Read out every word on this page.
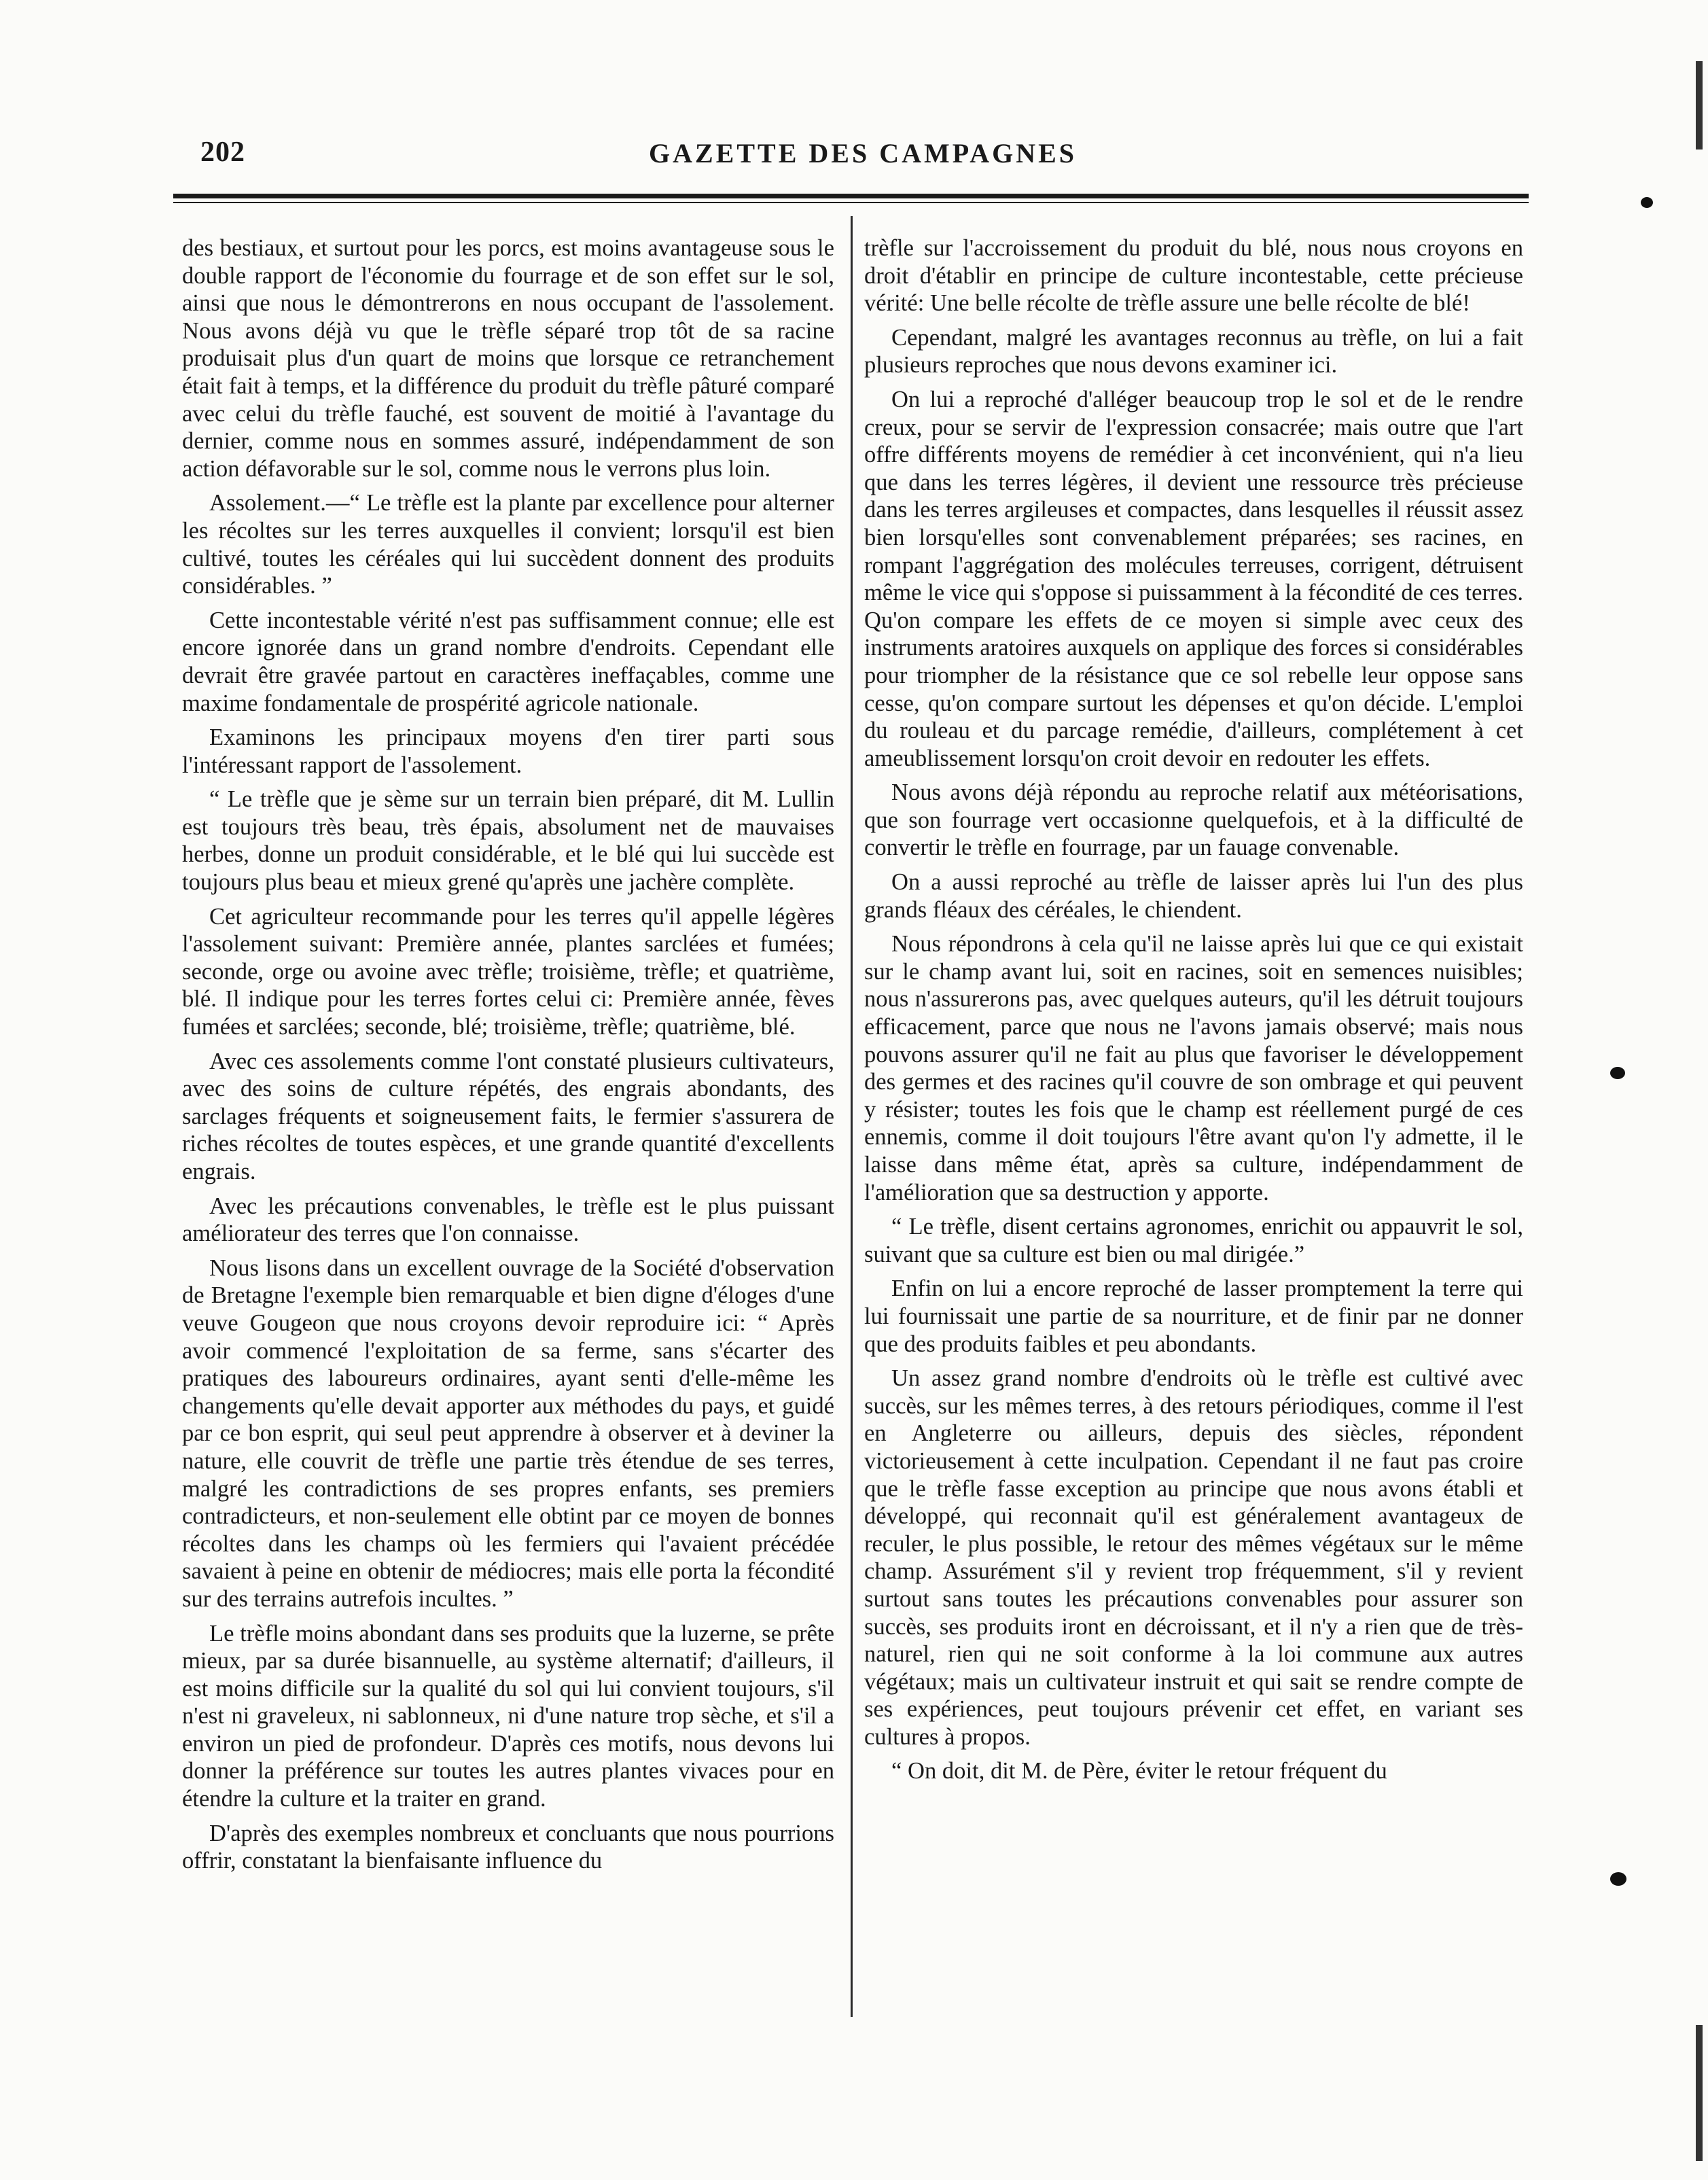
202	GAZETTE DES CAMPAGNES

des bestiaux, et surtout pour les porcs, est moins avantageuse sous le double rapport de l'économie du fourrage et de son effet sur le sol, ainsi que nous le démontrerons en nous occupant de l'assolement. Nous avons déjà vu que le trèfle séparé trop tôt de sa racine produisait plus d'un quart de moins que lorsque ce retranchement était fait à temps, et la différence du produit du trèfle pâturé comparé avec celui du trèfle fauché, est souvent de moitié à l'avantage du dernier, comme nous en sommes assuré, indépendamment de son action défavorable sur le sol, comme nous le verrons plus loin.

Assolement.—“ Le trèfle est la plante par excellence pour alterner les récoltes sur les terres auxquelles il convient; lorsqu'il est bien cultivé, toutes les céréales qui lui succèdent donnent des produits considérables. ”

Cette incontestable vérité n'est pas suffisamment connue; elle est encore ignorée dans un grand nombre d'endroits. Cependant elle devrait être gravée partout en caractères ineffaçables, comme une maxime fondamentale de prospérité agricole nationale.

Examinons les principaux moyens d'en tirer parti sous l'intéressant rapport de l'assolement.

“ Le trèfle que je sème sur un terrain bien préparé, dit M. Lullin est toujours très beau, très épais, absolument net de mauvaises herbes, donne un produit considérable, et le blé qui lui succède est toujours plus beau et mieux grené qu'après une jachère complète.

Cet agriculteur recommande pour les terres qu'il appelle légères l'assolement suivant: Première année, plantes sarclées et fumées; seconde, orge ou avoine avec trèfle; troisième, trèfle; et quatrième, blé. Il indique pour les terres fortes celui ci: Première année, fèves fumées et sarclées; seconde, blé; troisième, trèfle; quatrième, blé.

Avec ces assolements comme l'ont constaté plusieurs cultivateurs, avec des soins de culture répétés, des engrais abondants, des sarclages fréquents et soigneusement faits, le fermier s'assurera de riches récoltes de toutes espèces, et une grande quantité d'excellents engrais.

Avec les précautions convenables, le trèfle est le plus puissant améliorateur des terres que l'on connaisse.

Nous lisons dans un excellent ouvrage de la Société d'observation de Bretagne l'exemple bien remarquable et bien digne d'éloges d'une veuve Gougeon que nous croyons devoir reproduire ici: “ Après avoir commencé l'exploitation de sa ferme, sans s'écarter des pratiques des laboureurs ordinaires, ayant senti d'elle-même les changements qu'elle devait apporter aux méthodes du pays, et guidé par ce bon esprit, qui seul peut apprendre à observer et à deviner la nature, elle couvrit de trèfle une partie très étendue de ses terres, malgré les contradictions de ses propres enfants, ses premiers contradicteurs, et non-seulement elle obtint par ce moyen de bonnes récoltes dans les champs où les fermiers qui l'avaient précédée savaient à peine en obtenir de médiocres; mais elle porta la fécondité sur des terrains autrefois incultes. ”

Le trèfle moins abondant dans ses produits que la luzerne, se prête mieux, par sa durée bisannuelle, au système alternatif; d'ailleurs, il est moins difficile sur la qualité du sol qui lui convient toujours, s'il n'est ni graveleux, ni sablonneux, ni d'une nature trop sèche, et s'il a environ un pied de profondeur. D'après ces motifs, nous devons lui donner la préférence sur toutes les autres plantes vivaces pour en étendre la culture et la traiter en grand.

D'après des exemples nombreux et concluants que nous pourrions offrir, constatant la bienfaisante influence du

trèfle sur l'accroissement du produit du blé, nous nous croyons en droit d'établir en principe de culture incontestable, cette précieuse vérité: Une belle récolte de trèfle assure une belle récolte de blé!

Cependant, malgré les avantages reconnus au trèfle, on lui a fait plusieurs reproches que nous devons examiner ici.

On lui a reproché d'alléger beaucoup trop le sol et de le rendre creux, pour se servir de l'expression consacrée; mais outre que l'art offre différents moyens de remédier à cet inconvénient, qui n'a lieu que dans les terres légères, il devient une ressource très précieuse dans les terres argileuses et compactes, dans lesquelles il réussit assez bien lorsqu'elles sont convenablement préparées; ses racines, en rompant l'aggrégation des molécules terreuses, corrigent, détruisent même le vice qui s'oppose si puissamment à la fécondité de ces terres. Qu'on compare les effets de ce moyen si simple avec ceux des instruments aratoires auxquels on applique des forces si considérables pour triompher de la résistance que ce sol rebelle leur oppose sans cesse, qu'on compare surtout les dépenses et qu'on décide. L'emploi du rouleau et du parcage remédie, d'ailleurs, complétement à cet ameublissement lorsqu'on croit devoir en redouter les effets.

Nous avons déjà répondu au reproche relatif aux météorisations, que son fourrage vert occasionne quelquefois, et à la difficulté de convertir le trèfle en fourrage, par un fauage convenable.

On a aussi reproché au trèfle de laisser après lui l'un des plus grands fléaux des céréales, le chiendent.

Nous répondrons à cela qu'il ne laisse après lui que ce qui existait sur le champ avant lui, soit en racines, soit en semences nuisibles; nous n'assurerons pas, avec quelques auteurs, qu'il les détruit toujours efficacement, parce que nous ne l'avons jamais observé; mais nous pouvons assurer qu'il ne fait au plus que favoriser le développement des germes et des racines qu'il couvre de son ombrage et qui peuvent y résister; toutes les fois que le champ est réellement purgé de ces ennemis, comme il doit toujours l'être avant qu'on l'y admette, il le laisse dans même état, après sa culture, indépendamment de l'amélioration que sa destruction y apporte.

“ Le trèfle, disent certains agronomes, enrichit ou appauvrit le sol, suivant que sa culture est bien ou mal dirigée.”

Enfin on lui a encore reproché de lasser promptement la terre qui lui fournissait une partie de sa nourriture, et de finir par ne donner que des produits faibles et peu abondants.

Un assez grand nombre d'endroits où le trèfle est cultivé avec succès, sur les mêmes terres, à des retours périodiques, comme il l'est en Angleterre ou ailleurs, depuis des siècles, répondent victorieusement à cette inculpation. Cependant il ne faut pas croire que le trèfle fasse exception au principe que nous avons établi et développé, qui reconnait qu'il est généralement avantageux de reculer, le plus possible, le retour des mêmes végétaux sur le même champ. Assurément s'il y revient trop fréquemment, s'il y revient surtout sans toutes les précautions convenables pour assurer son succès, ses produits iront en décroissant, et il n'y a rien que de très-naturel, rien qui ne soit conforme à la loi commune aux autres végétaux; mais un cultivateur instruit et qui sait se rendre compte de ses expériences, peut toujours prévenir cet effet, en variant ses cultures à propos.

“ On doit, dit M. de Père, éviter le retour fréquent du
